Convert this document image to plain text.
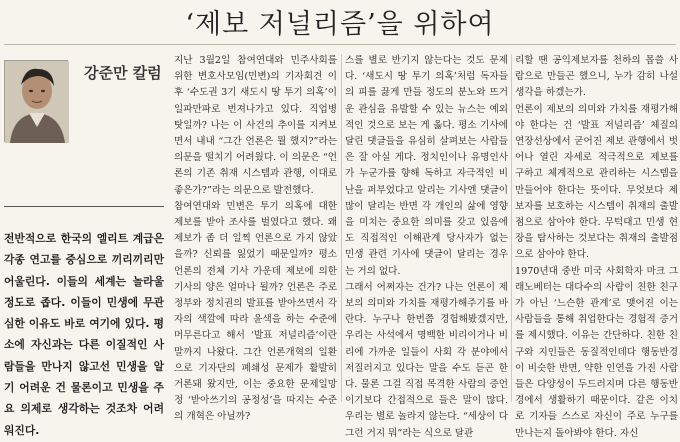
‘제보 저널리즘’을 위하여
강준만 칼럼
전반적으로 한국의 엘리트 계급은 각종 연고를 중심으로 끼리끼리만 어울린다. 이들의 세계는 놀라울 정도로 좁다. 이들이 민생에 무관심한 이유도 바로 여기에 있다. 평소에 자신과는 다른 이질적인 사람들을 만나지 않고선 민생을 알기 어려운 건 물론이고 민생을 주요 의제로 생각하는 것조차 어려워진다.

지난 3월2일 참여연대와 민주사회를 위한 변호사모임(민변)의 기자회견 이후 ‘수도권 3기 새도시 땅 투기 의혹’이 일파만파로 번져나가고 있다. 직업병 탓일까? 나는 이 사건의 추이를 지켜보면서 내내 “그간 언론은 뭘 했지?”라는 의문을 떨치기 어려웠다. 이 의문은 “언론의 기존 취재 시스템과 관행, 이대로 좋은가?”라는 의문으로 발전했다.

참여연대와 민변은 투기 의혹에 대한 제보를 받아 조사를 벌였다고 했다. 왜 제보가 좀 더 일찍 언론으로 가지 않았을까? 신뢰를 잃었기 때문일까? 평소 언론의 전체 기사 가운데 제보에 의한 기사의 양은 얼마나 될까? 언론은 주로 정부와 정치권의 발표를 받아쓰면서 각자의 색깔에 따라 윤색을 하는 수준에 머무른다고 해서 ‘발표 저널리즘’이란 말까지 나왔다. 그간 언론개혁의 일환으로 기자단의 폐쇄성 문제가 활발히 거론돼 왔지만, 이는 중요한 문제일망정 ‘받아쓰기의 공정성’을 따지는 수준의 개혁은 아닐까?

스를 별로 반기지 않는다는 것도 문제다. ‘새도시 땅 투기 의혹’처럼 독자들의 피를 끓게 만들 정도의 분노와 뜨거운 관심을 유발할 수 있는 뉴스는 예외적인 것으로 보는 게 옳다. 평소 기사에 달린 댓글들을 유심히 살펴보는 사람들은 잘 아실 게다. 정치인이나 유명인사가 누군가를 향해 독하고 자극적인 비난을 퍼부었다고 알리는 기사엔 댓글이 많이 달리는 반면 각 개인의 삶에 영향을 미치는 중요한 의미를 갖고 있음에도 직접적인 이해관계 당사자가 없는 민생 관련 기사에 댓글이 달리는 경우는 거의 없다.

그래서 어쩌자는 건가? 나는 언론이 제보의 의미와 가치를 재평가해주기를 바란다. 누구나 한번쯤 경험해봤겠지만, 우리는 사석에서 명백한 비리이거나 비리에 가까운 일들이 사회 각 분야에서 저질러지고 있다는 말을 수도 듣곤 한다. 물론 그걸 직접 목격한 사람의 증언이기보다 간접적으로 들은 말이 많다. 우리는 별로 놀라지 않는다. “세상이 다 그런 거지 뭐”라는 식으로 달관

리할 땐 공익제보자를 천하의 몹쓸 사람으로 만들곤 했으니, 누가 감히 나설 생각을 하겠는가.

언론이 제보의 의미와 가치를 재평가해야 한다는 건 ‘발표 저널리즘’ 체질의 연장선상에서 굳어진 제보 관행에서 벗어나 열린 자세로 적극적으로 제보를 구하고 체계적으로 관리하는 시스템을 만들어야 한다는 뜻이다. 무엇보다 제보자를 보호하는 시스템이 취재의 출발점으로 삼아야 한다. 무턱대고 민생 현장을 탐사하는 것보다는 취재의 출발점으로 삼아야 한다.

1970년대 중반 미국 사회학자 마크 그래노베터는 대다수의 사람이 친한 친구가 아닌 ‘느슨한 관계’로 맺어진 이는 사람들을 통해 취업한다는 경험적 증거를 제시했다. 이유는 간단하다. 친한 친구와 지인들은 동질적인데다 행동반경이 비슷한 반면, 약한 인연을 가진 사람들은 다양성이 두드러지며 다른 행동반경에서 생활하기 때문이다. 같은 이치로 기자들 스스로 자신이 주로 누구를 만나는지 돌아봐야 한다. 자신
